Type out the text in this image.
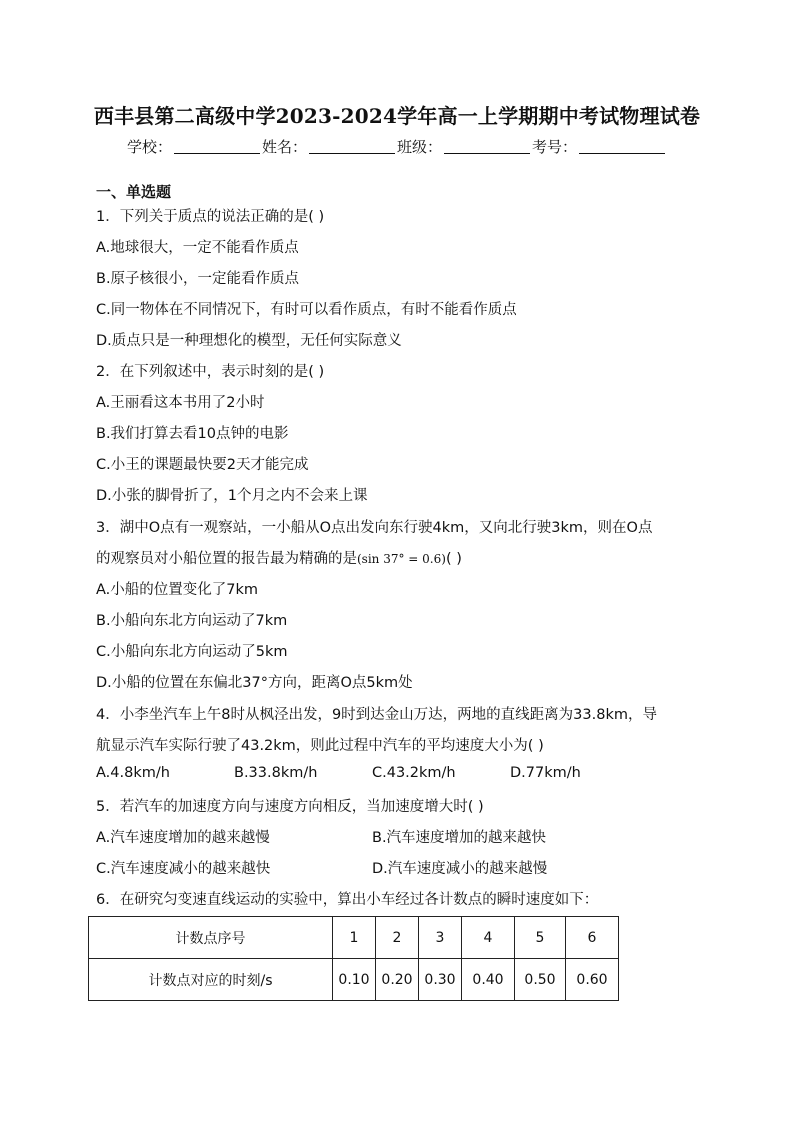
西丰县第二高级中学2023-2024学年高一上学期期中考试物理试卷
学校：	姓名：	班级：	考号：
一、单选题
1．下列关于质点的说法正确的是( )
A.地球很大，一定不能看作质点
B.原子核很小，一定能看作质点
C.同一物体在不同情况下，有时可以看作质点，有时不能看作质点
D.质点只是一种理想化的模型，无任何实际意义
2．在下列叙述中，表示时刻的是( )
A.王丽看这本书用了2小时
B.我们打算去看10点钟的电影
C.小王的课题最快要2天才能完成
D.小张的脚骨折了，1个月之内不会来上课
3．湖中O点有一观察站，一小船从O点出发向东行驶4km，又向北行驶3km，则在O点
的观察员对小船位置的报告最为精确的是(sin 37° = 0.6)( )
A.小船的位置变化了7km
B.小船向东北方向运动了7km
C.小船向东北方向运动了5km
D.小船的位置在东偏北37°方向，距离O点5km处
4．小李坐汽车上午8时从枫泾出发，9时到达金山万达，两地的直线距离为33.8km，导
航显示汽车实际行驶了43.2km，则此过程中汽车的平均速度大小为( )
A.4.8km/h	B.33.8km/h	C.43.2km/h	D.77km/h
5．若汽车的加速度方向与速度方向相反，当加速度增大时( )
A.汽车速度增加的越来越慢	B.汽车速度增加的越来越快
C.汽车速度减小的越来越快	D.汽车速度减小的越来越慢
6．在研究匀变速直线运动的实验中，算出小车经过各计数点的瞬时速度如下：
计数点序号	1	2	3	4	5	6
计数点对应的时刻/s	0.10	0.20	0.30	0.40	0.50	0.60
